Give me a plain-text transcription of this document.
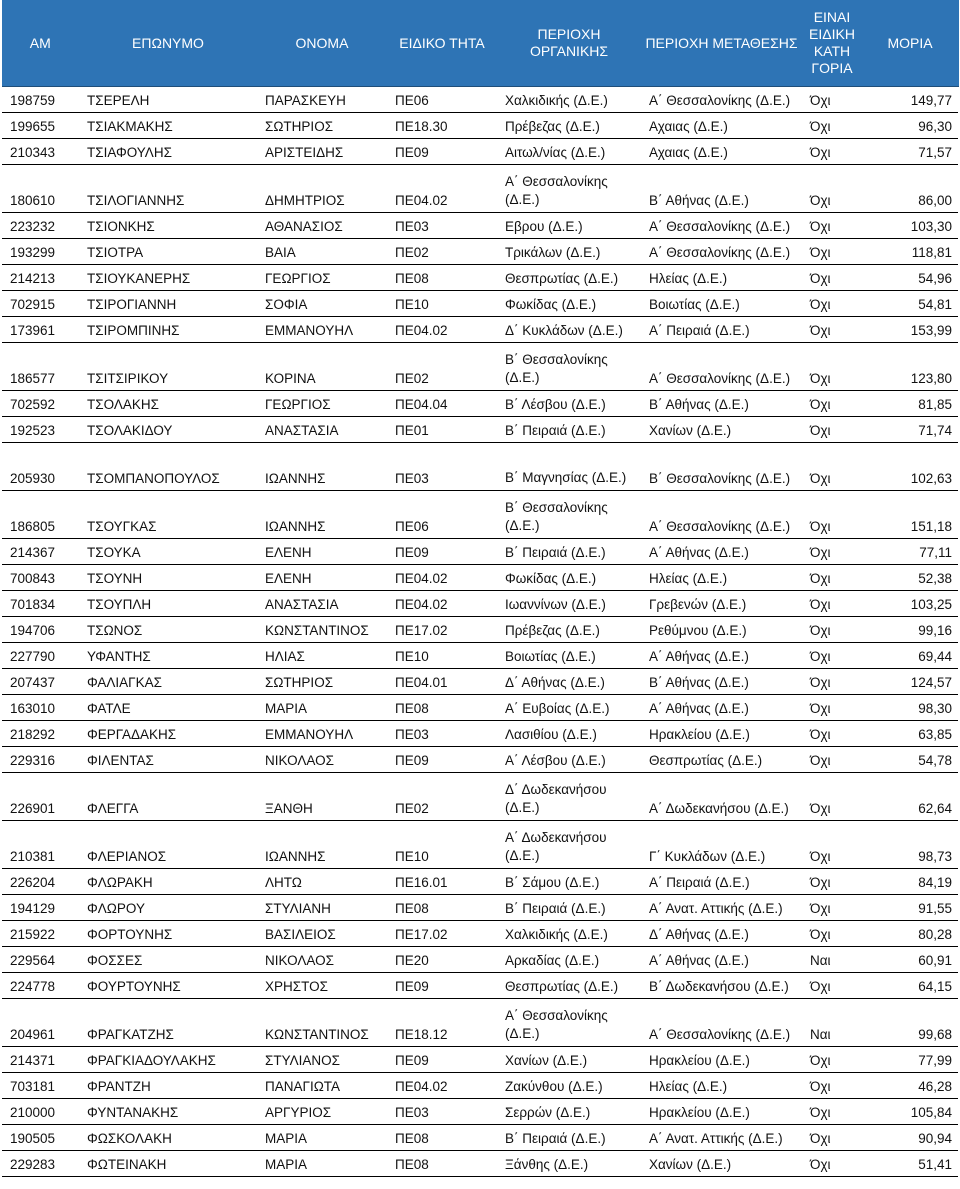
ΑΜ	ΕΠΩΝΥΜΟ	ΟΝΟΜΑ	ΕΙΔΙΚΟ ΤΗΤΑ	ΠΕΡΙΟΧΗ ΟΡΓΑΝΙΚΗΣ	ΠΕΡΙΟΧΗ ΜΕΤΑΘΕΣΗΣ	ΕΙΝΑΙ ΕΙΔΙΚΗ ΚΑΤΗ ΓΟΡΙΑ	ΜΟΡΙΑ
198759	ΤΣΕΡΕΛΗ	ΠΑΡΑΣΚΕΥΗ	ΠΕ06	Χαλκιδικής (Δ.Ε.)	Α΄ Θεσσαλονίκης (Δ.Ε.)	Όχι	149,77
199655	ΤΣΙΑΚΜΑΚΗΣ	ΣΩΤΗΡΙΟΣ	ΠΕ18.30	Πρέβεζας (Δ.Ε.)	Αχαιας (Δ.Ε.)	Όχι	96,30
210343	ΤΣΙΑΦΟΥΛΗΣ	ΑΡΙΣΤΕΙΔΗΣ	ΠΕ09	Αιτωλ/νίας (Δ.Ε.)	Αχαιας (Δ.Ε.)	Όχι	71,57
180610	ΤΣΙΛΟΓΙΑΝΝΗΣ	ΔΗΜΗΤΡΙΟΣ	ΠΕ04.02	Α΄ Θεσσαλονίκης (Δ.Ε.)	Β΄ Αθήνας (Δ.Ε.)	Όχι	86,00
223232	ΤΣΙΟΝΚΗΣ	ΑΘΑΝΑΣΙΟΣ	ΠΕ03	Εβρου (Δ.Ε.)	Α΄ Θεσσαλονίκης (Δ.Ε.)	Όχι	103,30
193299	ΤΣΙΟΤΡΑ	ΒΑΙΑ	ΠΕ02	Τρικάλων (Δ.Ε.)	Α΄ Θεσσαλονίκης (Δ.Ε.)	Όχι	118,81
214213	ΤΣΙΟΥΚΑΝΕΡΗΣ	ΓΕΩΡΓΙΟΣ	ΠΕ08	Θεσπρωτίας (Δ.Ε.)	Ηλείας (Δ.Ε.)	Όχι	54,96
702915	ΤΣΙΡΟΓΙΑΝΝΗ	ΣΟΦΙΑ	ΠΕ10	Φωκίδας (Δ.Ε.)	Βοιωτίας (Δ.Ε.)	Όχι	54,81
173961	ΤΣΙΡΟΜΠΙΝΗΣ	ΕΜΜΑΝΟΥΗΛ	ΠΕ04.02	Δ΄ Κυκλάδων (Δ.Ε.)	Α΄ Πειραιά (Δ.Ε.)	Όχι	153,99
186577	ΤΣΙΤΣΙΡΙΚΟΥ	ΚΟΡΙΝΑ	ΠΕ02	Β΄ Θεσσαλονίκης (Δ.Ε.)	Α΄ Θεσσαλονίκης (Δ.Ε.)	Όχι	123,80
702592	ΤΣΟΛΑΚΗΣ	ΓΕΩΡΓΙΟΣ	ΠΕ04.04	Β΄ Λέσβου (Δ.Ε.)	Β΄ Αθήνας (Δ.Ε.)	Όχι	81,85
192523	ΤΣΟΛΑΚΙΔΟΥ	ΑΝΑΣΤΑΣΙΑ	ΠΕ01	Β΄ Πειραιά (Δ.Ε.)	Χανίων (Δ.Ε.)	Όχι	71,74
205930	ΤΣΟΜΠΑΝΟΠΟΥΛΟΣ	ΙΩΑΝΝΗΣ	ΠΕ03	Β΄ Μαγνησίας (Δ.Ε.)	Β΄ Θεσσαλονίκης (Δ.Ε.)	Όχι	102,63
186805	ΤΣΟΥΓΚΑΣ	ΙΩΑΝΝΗΣ	ΠΕ06	Β΄ Θεσσαλονίκης (Δ.Ε.)	Α΄ Θεσσαλονίκης (Δ.Ε.)	Όχι	151,18
214367	ΤΣΟΥΚΑ	ΕΛΕΝΗ	ΠΕ09	Β΄ Πειραιά (Δ.Ε.)	Α΄ Αθήνας (Δ.Ε.)	Όχι	77,11
700843	ΤΣΟΥΝΗ	ΕΛΕΝΗ	ΠΕ04.02	Φωκίδας (Δ.Ε.)	Ηλείας (Δ.Ε.)	Όχι	52,38
701834	ΤΣΟΥΠΛΗ	ΑΝΑΣΤΑΣΙΑ	ΠΕ04.02	Ιωαννίνων (Δ.Ε.)	Γρεβενών (Δ.Ε.)	Όχι	103,25
194706	ΤΣΩΝΟΣ	ΚΩΝΣΤΑΝΤΙΝΟΣ	ΠΕ17.02	Πρέβεζας (Δ.Ε.)	Ρεθύμνου (Δ.Ε.)	Όχι	99,16
227790	ΥΦΑΝΤΗΣ	ΗΛΙΑΣ	ΠΕ10	Βοιωτίας (Δ.Ε.)	Α΄ Αθήνας (Δ.Ε.)	Όχι	69,44
207437	ΦΑΛΙΑΓΚΑΣ	ΣΩΤΗΡΙΟΣ	ΠΕ04.01	Δ΄ Αθήνας (Δ.Ε.)	Β΄ Αθήνας (Δ.Ε.)	Όχι	124,57
163010	ΦΑΤΛΕ	ΜΑΡΙΑ	ΠΕ08	Α΄ Ευβοίας (Δ.Ε.)	Α΄ Αθήνας (Δ.Ε.)	Όχι	98,30
218292	ΦΕΡΓΑΔΑΚΗΣ	ΕΜΜΑΝΟΥΗΛ	ΠΕ03	Λασιθίου (Δ.Ε.)	Ηρακλείου (Δ.Ε.)	Όχι	63,85
229316	ΦΙΛΕΝΤΑΣ	ΝΙΚΟΛΑΟΣ	ΠΕ09	Α΄ Λέσβου (Δ.Ε.)	Θεσπρωτίας (Δ.Ε.)	Όχι	54,78
226901	ΦΛΕΓΓΑ	ΞΑΝΘΗ	ΠΕ02	Δ΄ Δωδεκανήσου (Δ.Ε.)	Α΄ Δωδεκανήσου (Δ.Ε.)	Όχι	62,64
210381	ΦΛΕΡΙΑΝΟΣ	ΙΩΑΝΝΗΣ	ΠΕ10	Α΄ Δωδεκανήσου (Δ.Ε.)	Γ΄ Κυκλάδων (Δ.Ε.)	Όχι	98,73
226204	ΦΛΩΡΑΚΗ	ΛΗΤΩ	ΠΕ16.01	Β΄ Σάμου (Δ.Ε.)	Α΄ Πειραιά (Δ.Ε.)	Όχι	84,19
194129	ΦΛΩΡΟΥ	ΣΤΥΛΙΑΝΗ	ΠΕ08	Β΄ Πειραιά (Δ.Ε.)	Α΄ Ανατ. Αττικής (Δ.Ε.)	Όχι	91,55
215922	ΦΟΡΤΟΥΝΗΣ	ΒΑΣΙΛΕΙΟΣ	ΠΕ17.02	Χαλκιδικής (Δ.Ε.)	Δ΄ Αθήνας (Δ.Ε.)	Όχι	80,28
229564	ΦΟΣΣΕΣ	ΝΙΚΟΛΑΟΣ	ΠΕ20	Αρκαδίας (Δ.Ε.)	Α΄ Αθήνας (Δ.Ε.)	Ναι	60,91
224778	ΦΟΥΡΤΟΥΝΗΣ	ΧΡΗΣΤΟΣ	ΠΕ09	Θεσπρωτίας (Δ.Ε.)	Β΄ Δωδεκανήσου (Δ.Ε.)	Όχι	64,15
204961	ΦΡΑΓΚΑΤΖΗΣ	ΚΩΝΣΤΑΝΤΙΝΟΣ	ΠΕ18.12	Α΄ Θεσσαλονίκης (Δ.Ε.)	Α΄ Θεσσαλονίκης (Δ.Ε.)	Ναι	99,68
214371	ΦΡΑΓΚΙΑΔΟΥΛΑΚΗΣ	ΣΤΥΛΙΑΝΟΣ	ΠΕ09	Χανίων (Δ.Ε.)	Ηρακλείου (Δ.Ε.)	Όχι	77,99
703181	ΦΡΑΝΤΖΗ	ΠΑΝΑΓΙΩΤΑ	ΠΕ04.02	Ζακύνθου (Δ.Ε.)	Ηλείας (Δ.Ε.)	Όχι	46,28
210000	ΦΥΝΤΑΝΑΚΗΣ	ΑΡΓΥΡΙΟΣ	ΠΕ03	Σερρών (Δ.Ε.)	Ηρακλείου (Δ.Ε.)	Όχι	105,84
190505	ΦΩΣΚΟΛΑΚΗ	ΜΑΡΙΑ	ΠΕ08	Β΄ Πειραιά (Δ.Ε.)	Α΄ Ανατ. Αττικής (Δ.Ε.)	Όχι	90,94
229283	ΦΩΤΕΙΝΑΚΗ	ΜΑΡΙΑ	ΠΕ08	Ξάνθης (Δ.Ε.)	Χανίων (Δ.Ε.)	Όχι	51,41
